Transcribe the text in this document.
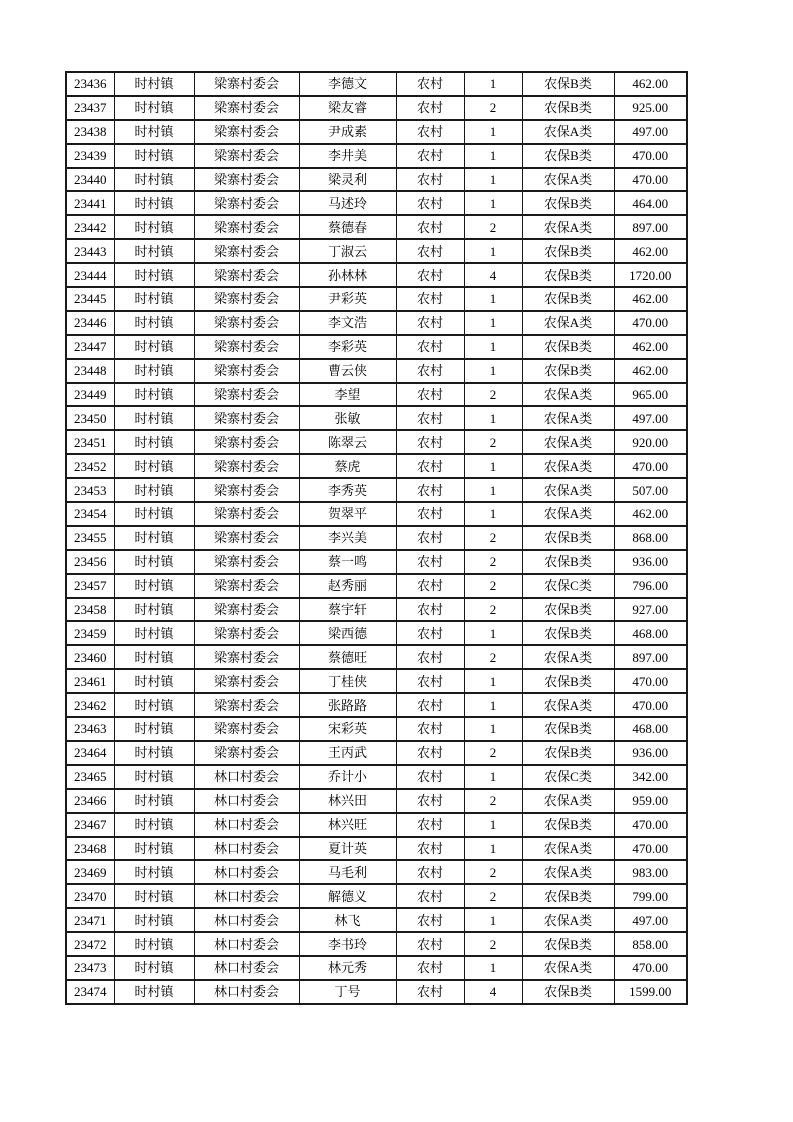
23436	时村镇	梁寨村委会	李德文	农村	1	农保B类	462.00
23437	时村镇	梁寨村委会	梁友睿	农村	2	农保B类	925.00
23438	时村镇	梁寨村委会	尹成素	农村	1	农保A类	497.00
23439	时村镇	梁寨村委会	李井美	农村	1	农保B类	470.00
23440	时村镇	梁寨村委会	梁灵利	农村	1	农保A类	470.00
23441	时村镇	梁寨村委会	马述玲	农村	1	农保B类	464.00
23442	时村镇	梁寨村委会	蔡德春	农村	2	农保A类	897.00
23443	时村镇	梁寨村委会	丁淑云	农村	1	农保B类	462.00
23444	时村镇	梁寨村委会	孙林林	农村	4	农保B类	1720.00
23445	时村镇	梁寨村委会	尹彩英	农村	1	农保B类	462.00
23446	时村镇	梁寨村委会	李文浩	农村	1	农保A类	470.00
23447	时村镇	梁寨村委会	李彩英	农村	1	农保B类	462.00
23448	时村镇	梁寨村委会	曹云侠	农村	1	农保B类	462.00
23449	时村镇	梁寨村委会	李望	农村	2	农保A类	965.00
23450	时村镇	梁寨村委会	张敏	农村	1	农保A类	497.00
23451	时村镇	梁寨村委会	陈翠云	农村	2	农保A类	920.00
23452	时村镇	梁寨村委会	蔡虎	农村	1	农保A类	470.00
23453	时村镇	梁寨村委会	李秀英	农村	1	农保A类	507.00
23454	时村镇	梁寨村委会	贺翠平	农村	1	农保A类	462.00
23455	时村镇	梁寨村委会	李兴美	农村	2	农保B类	868.00
23456	时村镇	梁寨村委会	蔡一鸣	农村	2	农保B类	936.00
23457	时村镇	梁寨村委会	赵秀丽	农村	2	农保C类	796.00
23458	时村镇	梁寨村委会	蔡宇轩	农村	2	农保B类	927.00
23459	时村镇	梁寨村委会	梁西德	农村	1	农保B类	468.00
23460	时村镇	梁寨村委会	蔡德旺	农村	2	农保A类	897.00
23461	时村镇	梁寨村委会	丁桂侠	农村	1	农保B类	470.00
23462	时村镇	梁寨村委会	张路路	农村	1	农保A类	470.00
23463	时村镇	梁寨村委会	宋彩英	农村	1	农保B类	468.00
23464	时村镇	梁寨村委会	王丙武	农村	2	农保B类	936.00
23465	时村镇	林口村委会	乔计小	农村	1	农保C类	342.00
23466	时村镇	林口村委会	林兴田	农村	2	农保A类	959.00
23467	时村镇	林口村委会	林兴旺	农村	1	农保B类	470.00
23468	时村镇	林口村委会	夏计英	农村	1	农保A类	470.00
23469	时村镇	林口村委会	马毛利	农村	2	农保A类	983.00
23470	时村镇	林口村委会	解德义	农村	2	农保B类	799.00
23471	时村镇	林口村委会	林飞	农村	1	农保A类	497.00
23472	时村镇	林口村委会	李书玲	农村	2	农保B类	858.00
23473	时村镇	林口村委会	林元秀	农村	1	农保A类	470.00
23474	时村镇	林口村委会	丁号	农村	4	农保B类	1599.00
